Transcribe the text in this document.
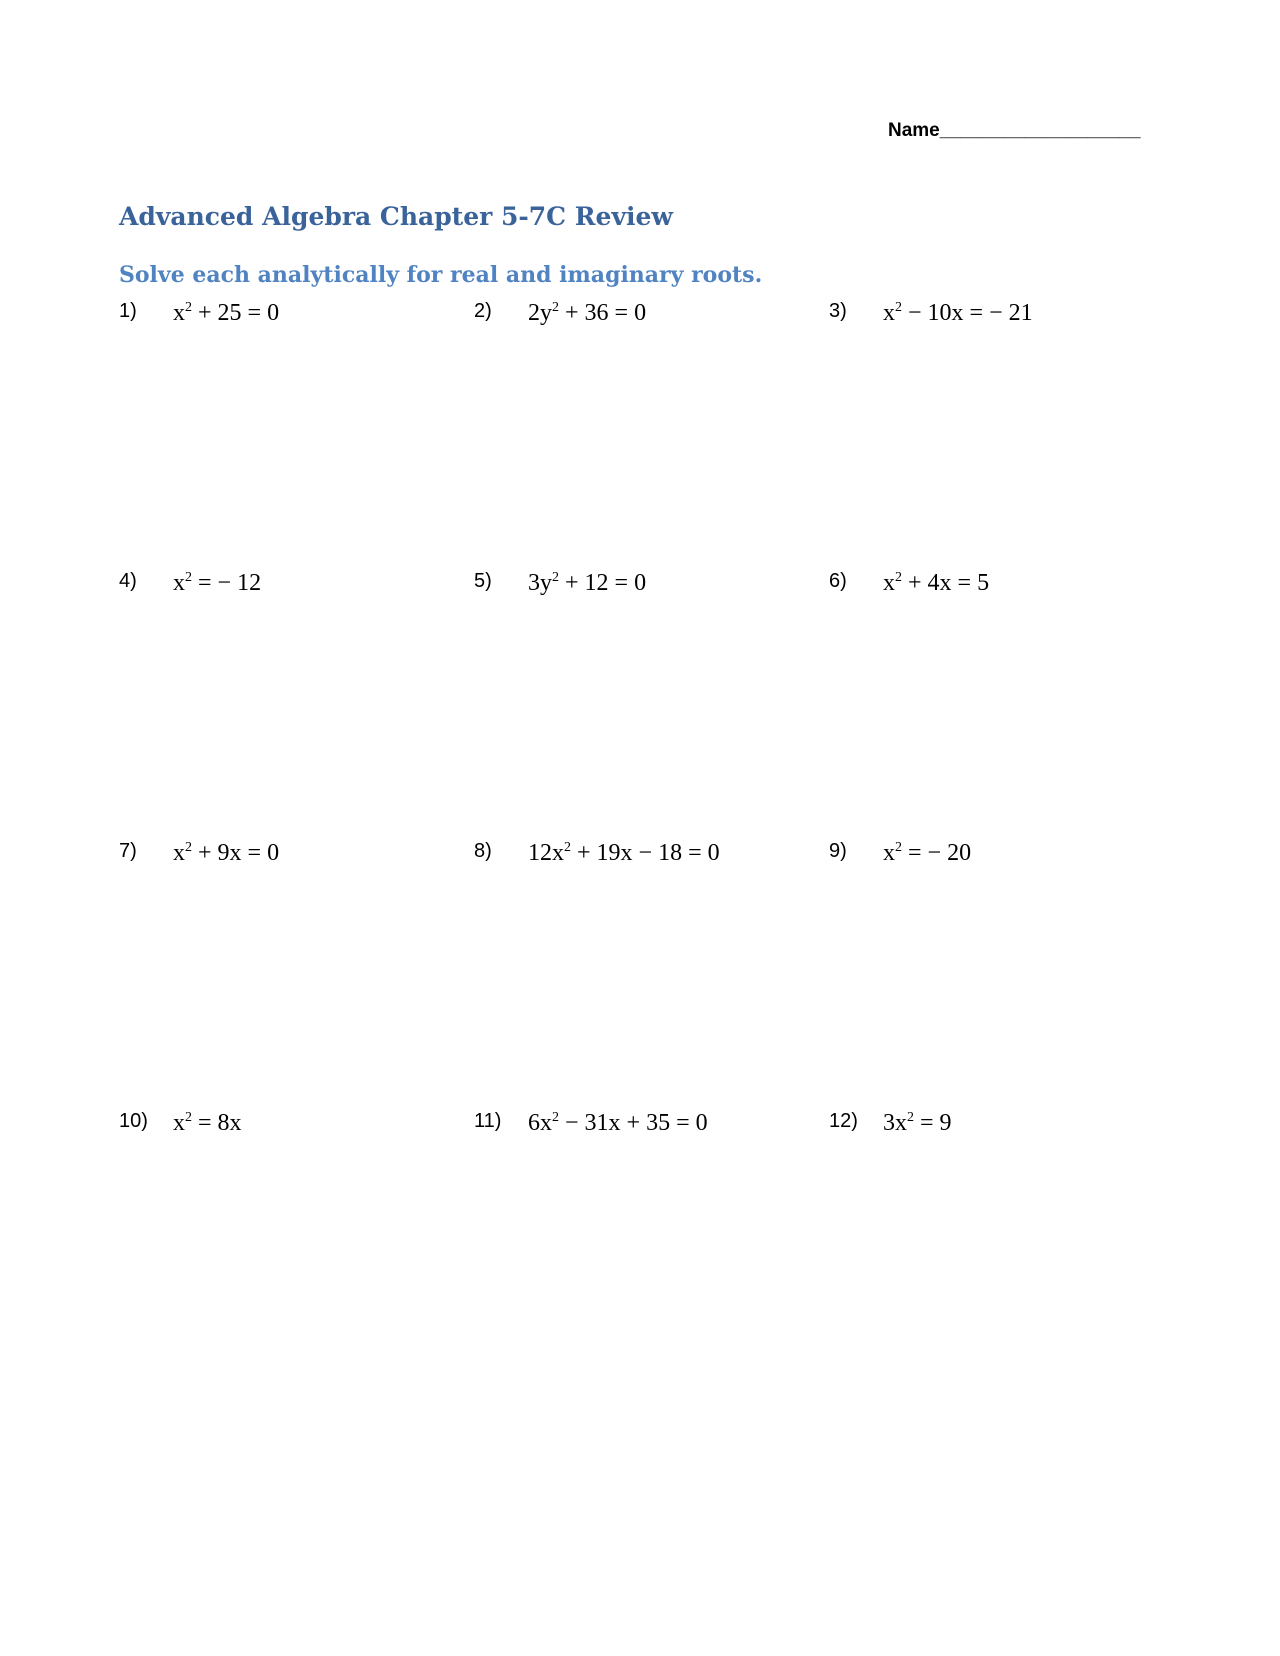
Name___________________
Advanced Algebra Chapter 5-7C Review
Solve each analytically for real and imaginary roots.
1) $x^2 + 25 = 0$	2) $2y^2 + 36 = 0$	3) $x^2 - 10x$ = − 21
4) $x^2$ = − 12	5) $3y^2 + 12 = 0$	6) $x^2 + 4x = 5$
7) $x^2 + 9x = 0$	8) $12x^2 + 19x - 18 = 0$	9) $x^2$ = − 20
10) $x^2 = 8x$	11) $6x^2 - 31x + 35 = 0$	12) $3x^2 = 9$
